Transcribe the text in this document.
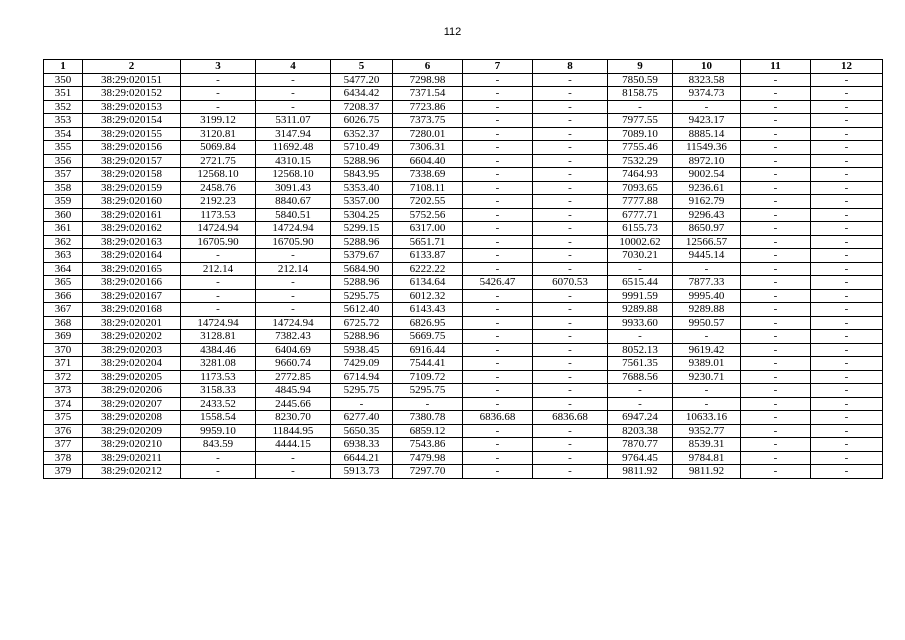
112
1	2	3	4	5	6	7	8	9	10	11	12
350	38:29:020151	-	-	5477.20	7298.98	-	-	7850.59	8323.58	-	-
351	38:29:020152	-	-	6434.42	7371.54	-	-	8158.75	9374.73	-	-
352	38:29:020153	-	-	7208.37	7723.86	-	-	-	-	-	-
353	38:29:020154	3199.12	5311.07	6026.75	7373.75	-	-	7977.55	9423.17	-	-
354	38:29:020155	3120.81	3147.94	6352.37	7280.01	-	-	7089.10	8885.14	-	-
355	38:29:020156	5069.84	11692.48	5710.49	7306.31	-	-	7755.46	11549.36	-	-
356	38:29:020157	2721.75	4310.15	5288.96	6604.40	-	-	7532.29	8972.10	-	-
357	38:29:020158	12568.10	12568.10	5843.95	7338.69	-	-	7464.93	9002.54	-	-
358	38:29:020159	2458.76	3091.43	5353.40	7108.11	-	-	7093.65	9236.61	-	-
359	38:29:020160	2192.23	8840.67	5357.00	7202.55	-	-	7777.88	9162.79	-	-
360	38:29:020161	1173.53	5840.51	5304.25	5752.56	-	-	6777.71	9296.43	-	-
361	38:29:020162	14724.94	14724.94	5299.15	6317.00	-	-	6155.73	8650.97	-	-
362	38:29:020163	16705.90	16705.90	5288.96	5651.71	-	-	10002.62	12566.57	-	-
363	38:29:020164	-	-	5379.67	6133.87	-	-	7030.21	9445.14	-	-
364	38:29:020165	212.14	212.14	5684.90	6222.22	-	-	-	-	-	-
365	38:29:020166	-	-	5288.96	6134.64	5426.47	6070.53	6515.44	7877.33	-	-
366	38:29:020167	-	-	5295.75	6012.32	-	-	9991.59	9995.40	-	-
367	38:29:020168	-	-	5612.40	6143.43	-	-	9289.88	9289.88	-	-
368	38:29:020201	14724.94	14724.94	6725.72	6826.95	-	-	9933.60	9950.57	-	-
369	38:29:020202	3128.81	7382.43	5288.96	5669.75	-	-	-	-	-	-
370	38:29:020203	4384.46	6404.69	5938.45	6916.44	-	-	8052.13	9619.42	-	-
371	38:29:020204	3281.08	9660.74	7429.09	7544.41	-	-	7561.35	9389.01	-	-
372	38:29:020205	1173.53	2772.85	6714.94	7109.72	-	-	7688.56	9230.71	-	-
373	38:29:020206	3158.33	4845.94	5295.75	5295.75	-	-	-	-	-	-
374	38:29:020207	2433.52	2445.66	-	-	-	-	-	-	-	-
375	38:29:020208	1558.54	8230.70	6277.40	7380.78	6836.68	6836.68	6947.24	10633.16	-	-
376	38:29:020209	9959.10	11844.95	5650.35	6859.12	-	-	8203.38	9352.77	-	-
377	38:29:020210	843.59	4444.15	6938.33	7543.86	-	-	7870.77	8539.31	-	-
378	38:29:020211	-	-	6644.21	7479.98	-	-	9764.45	9784.81	-	-
379	38:29:020212	-	-	5913.73	7297.70	-	-	9811.92	9811.92	-	-
